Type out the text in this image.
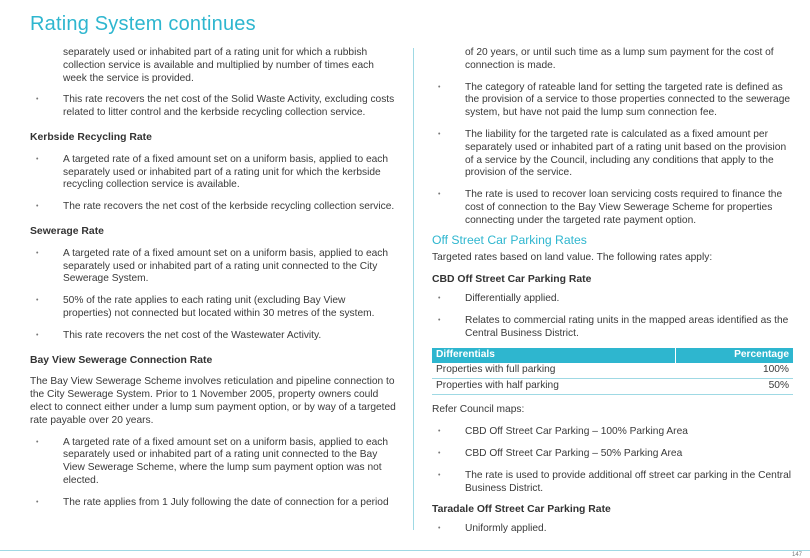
Rating System continues

separately used or inhabited part of a rating unit for which a rubbish collection service is available and multiplied by number of times each week the service is provided.

• This rate recovers the net cost of the Solid Waste Activity, excluding costs related to litter control and the kerbside recycling collection service.
Kerbside Recycling Rate
• A targeted rate of a fixed amount set on a uniform basis, applied to each separately used or inhabited part of a rating unit for which the kerbside recycling collection service is available.
• The rate recovers the net cost of the kerbside recycling collection service.
Sewerage Rate
• A targeted rate of a fixed amount set on a uniform basis, applied to each separately used or inhabited part of a rating unit connected to the City Sewerage System.
• 50% of the rate applies to each rating unit (excluding Bay View properties) not connected but located within 30 metres of the system.
• This rate recovers the net cost of the Wastewater Activity.
Bay View Sewerage Connection Rate

The Bay View Sewerage Scheme involves reticulation and pipeline connection to the City Sewerage System. Prior to 1 November 2005, property owners could elect to connect either under a lump sum payment option, or by way of a targeted rate payable over 20 years.

• A targeted rate of a fixed amount set on a uniform basis, applied to each separately used or inhabited part of a rating unit connected to the Bay View Sewerage Scheme, where the lump sum payment option was not elected.
• The rate applies from 1 July following the date of connection for a period

of 20 years, or until such time as a lump sum payment for the cost of connection is made.

• The category of rateable land for setting the targeted rate is defined as the provision of a service to those properties connected to the sewerage system, but have not paid the lump sum connection fee.
• The liability for the targeted rate is calculated as a fixed amount per separately used or inhabited part of a rating unit based on the provision of a service by the Council, including any conditions that apply to the provision of the service.
• The rate is used to recover loan servicing costs required to finance the cost of connection to the Bay View Sewerage Scheme for properties connecting under the targeted rate payment option.
Off Street Car Parking Rates

Targeted rates based on land value. The following rates apply:

CBD Off Street Car Parking Rate
• Differentially applied.
• Relates to commercial rating units in the mapped areas identified as the Central Business District.
Differentials	Percentage
Properties with full parking	100%
Properties with half parking	50%

Refer Council maps:

• CBD Off Street Car Parking – 100% Parking Area
• CBD Off Street Car Parking – 50% Parking Area
• The rate is used to provide additional off street car parking in the Central Business District.
Taradale Off Street Car Parking Rate
• Uniformly applied.
147
